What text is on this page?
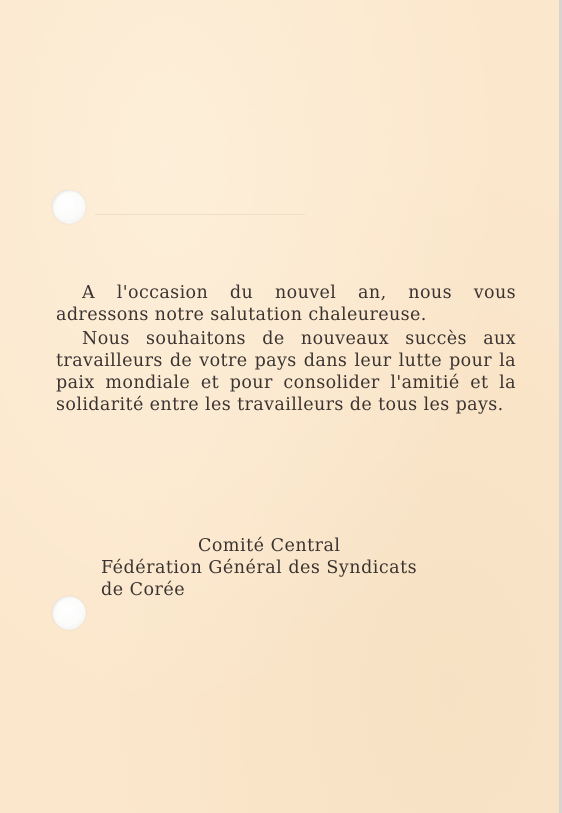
A l'occasion du nouvel an, nous vous adressons notre salutation chaleureuse.

Nous souhaitons de nouveaux succès aux travailleurs de votre pays dans leur lutte pour la paix mondiale et pour consolider l'amitié et la solidarité entre les travailleurs de tous les pays.

Comité Central
Fédération Général des Syndicats
de Corée
